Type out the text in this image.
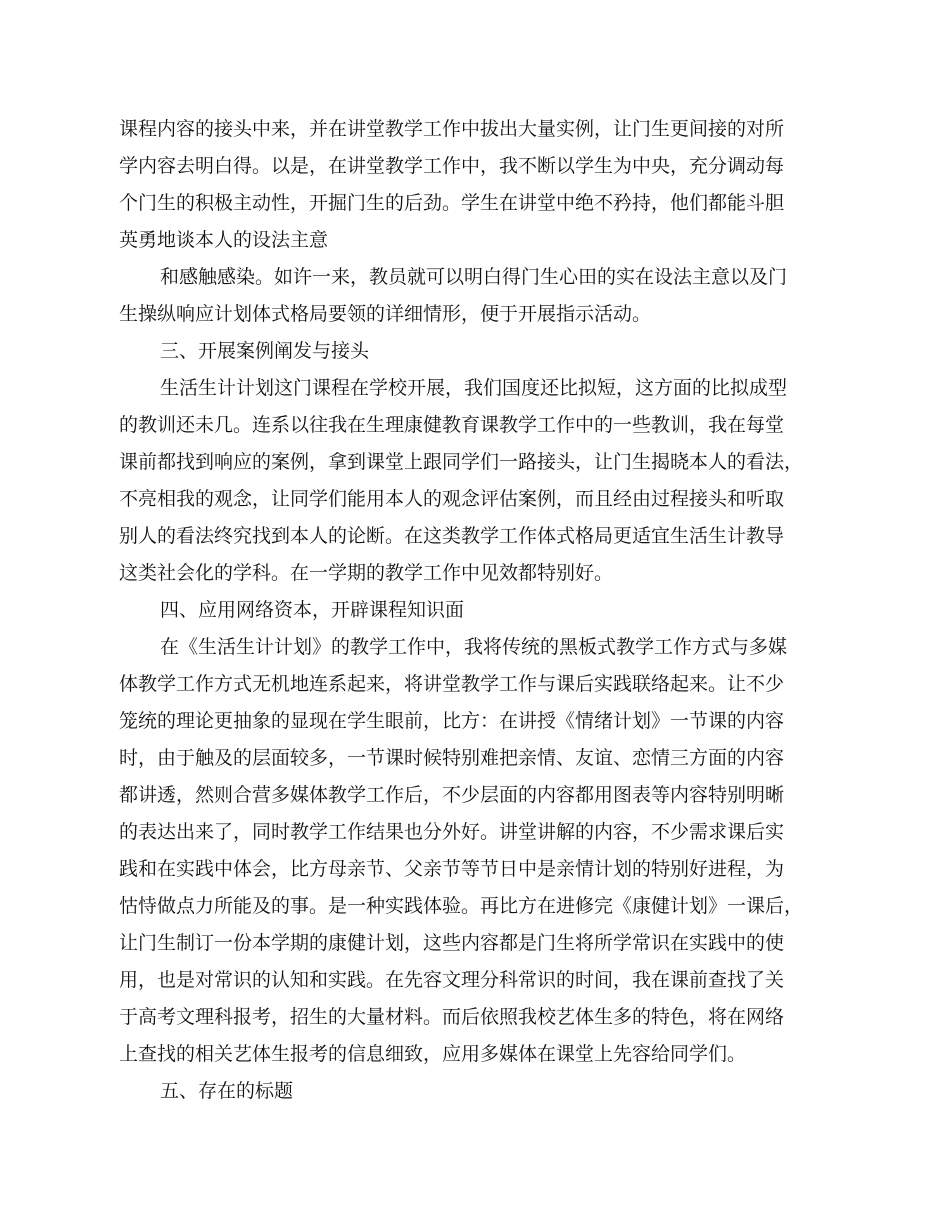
课程内容的接头中来，并在讲堂教学工作中拔出大量实例，让门生更间接的对所
学内容去明白得。以是，在讲堂教学工作中，我不断以学生为中央，充分调动每
个门生的积极主动性，开掘门生的后劲。学生在讲堂中绝不矜持，他们都能斗胆
英勇地谈本人的设法主意
和感触感染。如许一来，教员就可以明白得门生心田的实在设法主意以及门
生操纵响应计划体式格局要领的详细情形，便于开展指示活动。
三、开展案例阐发与接头
生活生计计划这门课程在学校开展，我们国度还比拟短，这方面的比拟成型
的教训还未几。连系以往我在生理康健教育课教学工作中的一些教训，我在每堂
课前都找到响应的案例，拿到课堂上跟同学们一路接头，让门生揭晓本人的看法，
不亮相我的观念，让同学们能用本人的观念评估案例，而且经由过程接头和听取
别人的看法终究找到本人的论断。在这类教学工作体式格局更适宜生活生计教导
这类社会化的学科。在一学期的教学工作中见效都特别好。
四、应用网络资本，开辟课程知识面
在《生活生计计划》的教学工作中，我将传统的黑板式教学工作方式与多媒
体教学工作方式无机地连系起来，将讲堂教学工作与课后实践联络起来。让不少
笼统的理论更抽象的显现在学生眼前，比方：在讲授《情绪计划》一节课的内容
时，由于触及的层面较多，一节课时候特别难把亲情、友谊、恋情三方面的内容
都讲透，然则合营多媒体教学工作后，不少层面的内容都用图表等内容特别明晰
的表达出来了，同时教学工作结果也分外好。讲堂讲解的内容，不少需求课后实
践和在实践中体会，比方母亲节、父亲节等节日中是亲情计划的特别好进程，为
怙恃做点力所能及的事。是一种实践体验。再比方在进修完《康健计划》一课后，
让门生制订一份本学期的康健计划，这些内容都是门生将所学常识在实践中的使
用，也是对常识的认知和实践。在先容文理分科常识的时间，我在课前查找了关
于高考文理科报考，招生的大量材料。而后依照我校艺体生多的特色，将在网络
上查找的相关艺体生报考的信息细致，应用多媒体在课堂上先容给同学们。
五、存在的标题
